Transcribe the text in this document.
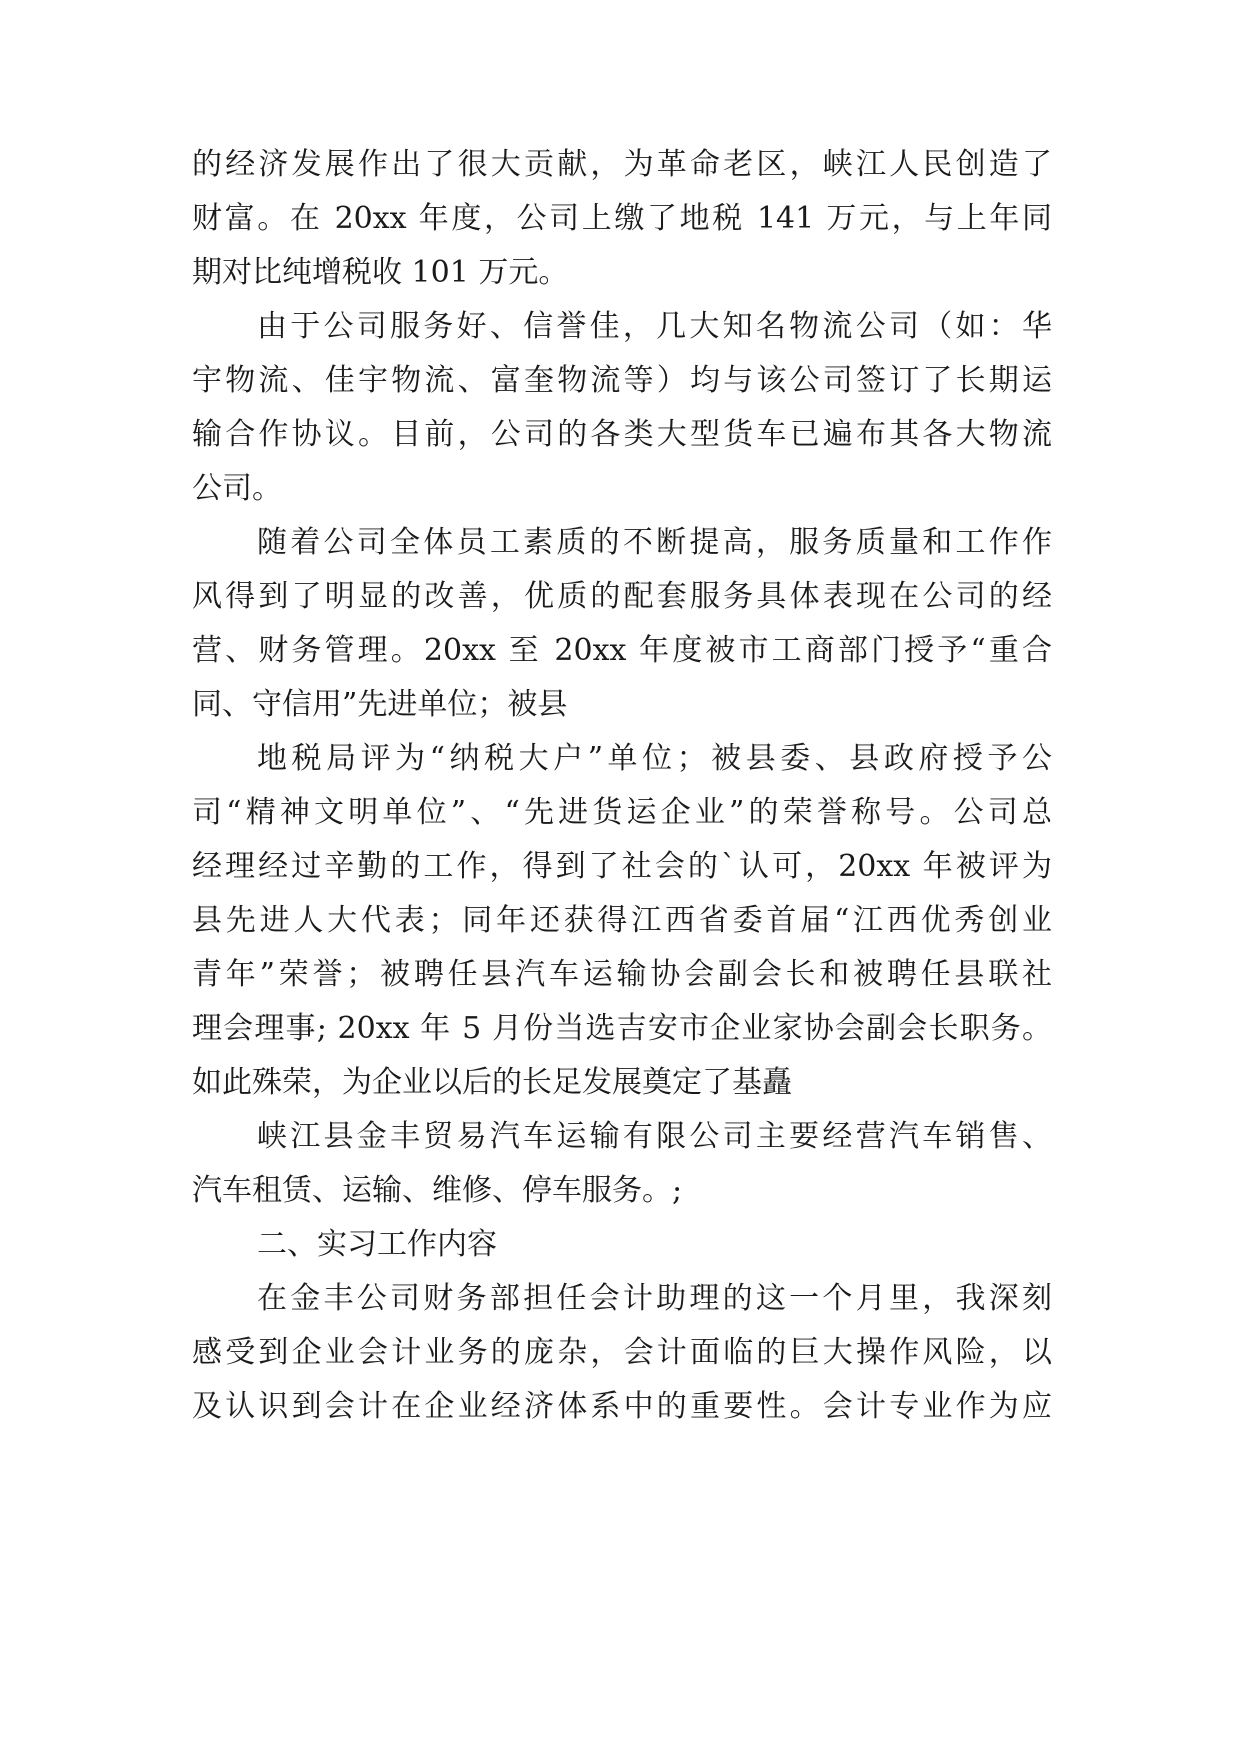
的经济发展作出了很大贡献，为革命老区，峡江人民创造了
财富。在 20xx 年度，公司上缴了地税 141 万元，与上年同
期对比纯增税收 101 万元。
由于公司服务好、信誉佳，几大知名物流公司（如：华
宇物流、佳宇物流、富奎物流等）均与该公司签订了长期运
输合作协议。目前，公司的各类大型货车已遍布其各大物流
公司。
随着公司全体员工素质的不断提高，服务质量和工作作
风得到了明显的改善，优质的配套服务具体表现在公司的经
营、财务管理。20xx 至 20xx 年度被市工商部门授予“重合
同、守信用”先进单位；被县
地税局评为“纳税大户”单位；被县委、县政府授予公
司“精神文明单位”、“先进货运企业”的荣誉称号。公司总
经理经过辛勤的工作，得到了社会的`认可，20xx 年被评为
县先进人大代表；同年还获得江西省委首届“江西优秀创业
青年”荣誉；被聘任县汽车运输协会副会长和被聘任县联社
理会理事; 20xx 年 5 月份当选吉安市企业家协会副会长职务。
如此殊荣，为企业以后的长足发展奠定了基矗
峡江县金丰贸易汽车运输有限公司主要经营汽车销售、
汽车租赁、运输、维修、停车服务。;
二、实习工作内容
在金丰公司财务部担任会计助理的这一个月里，我深刻
感受到企业会计业务的庞杂，会计面临的巨大操作风险，以
及认识到会计在企业经济体系中的重要性。会计专业作为应
